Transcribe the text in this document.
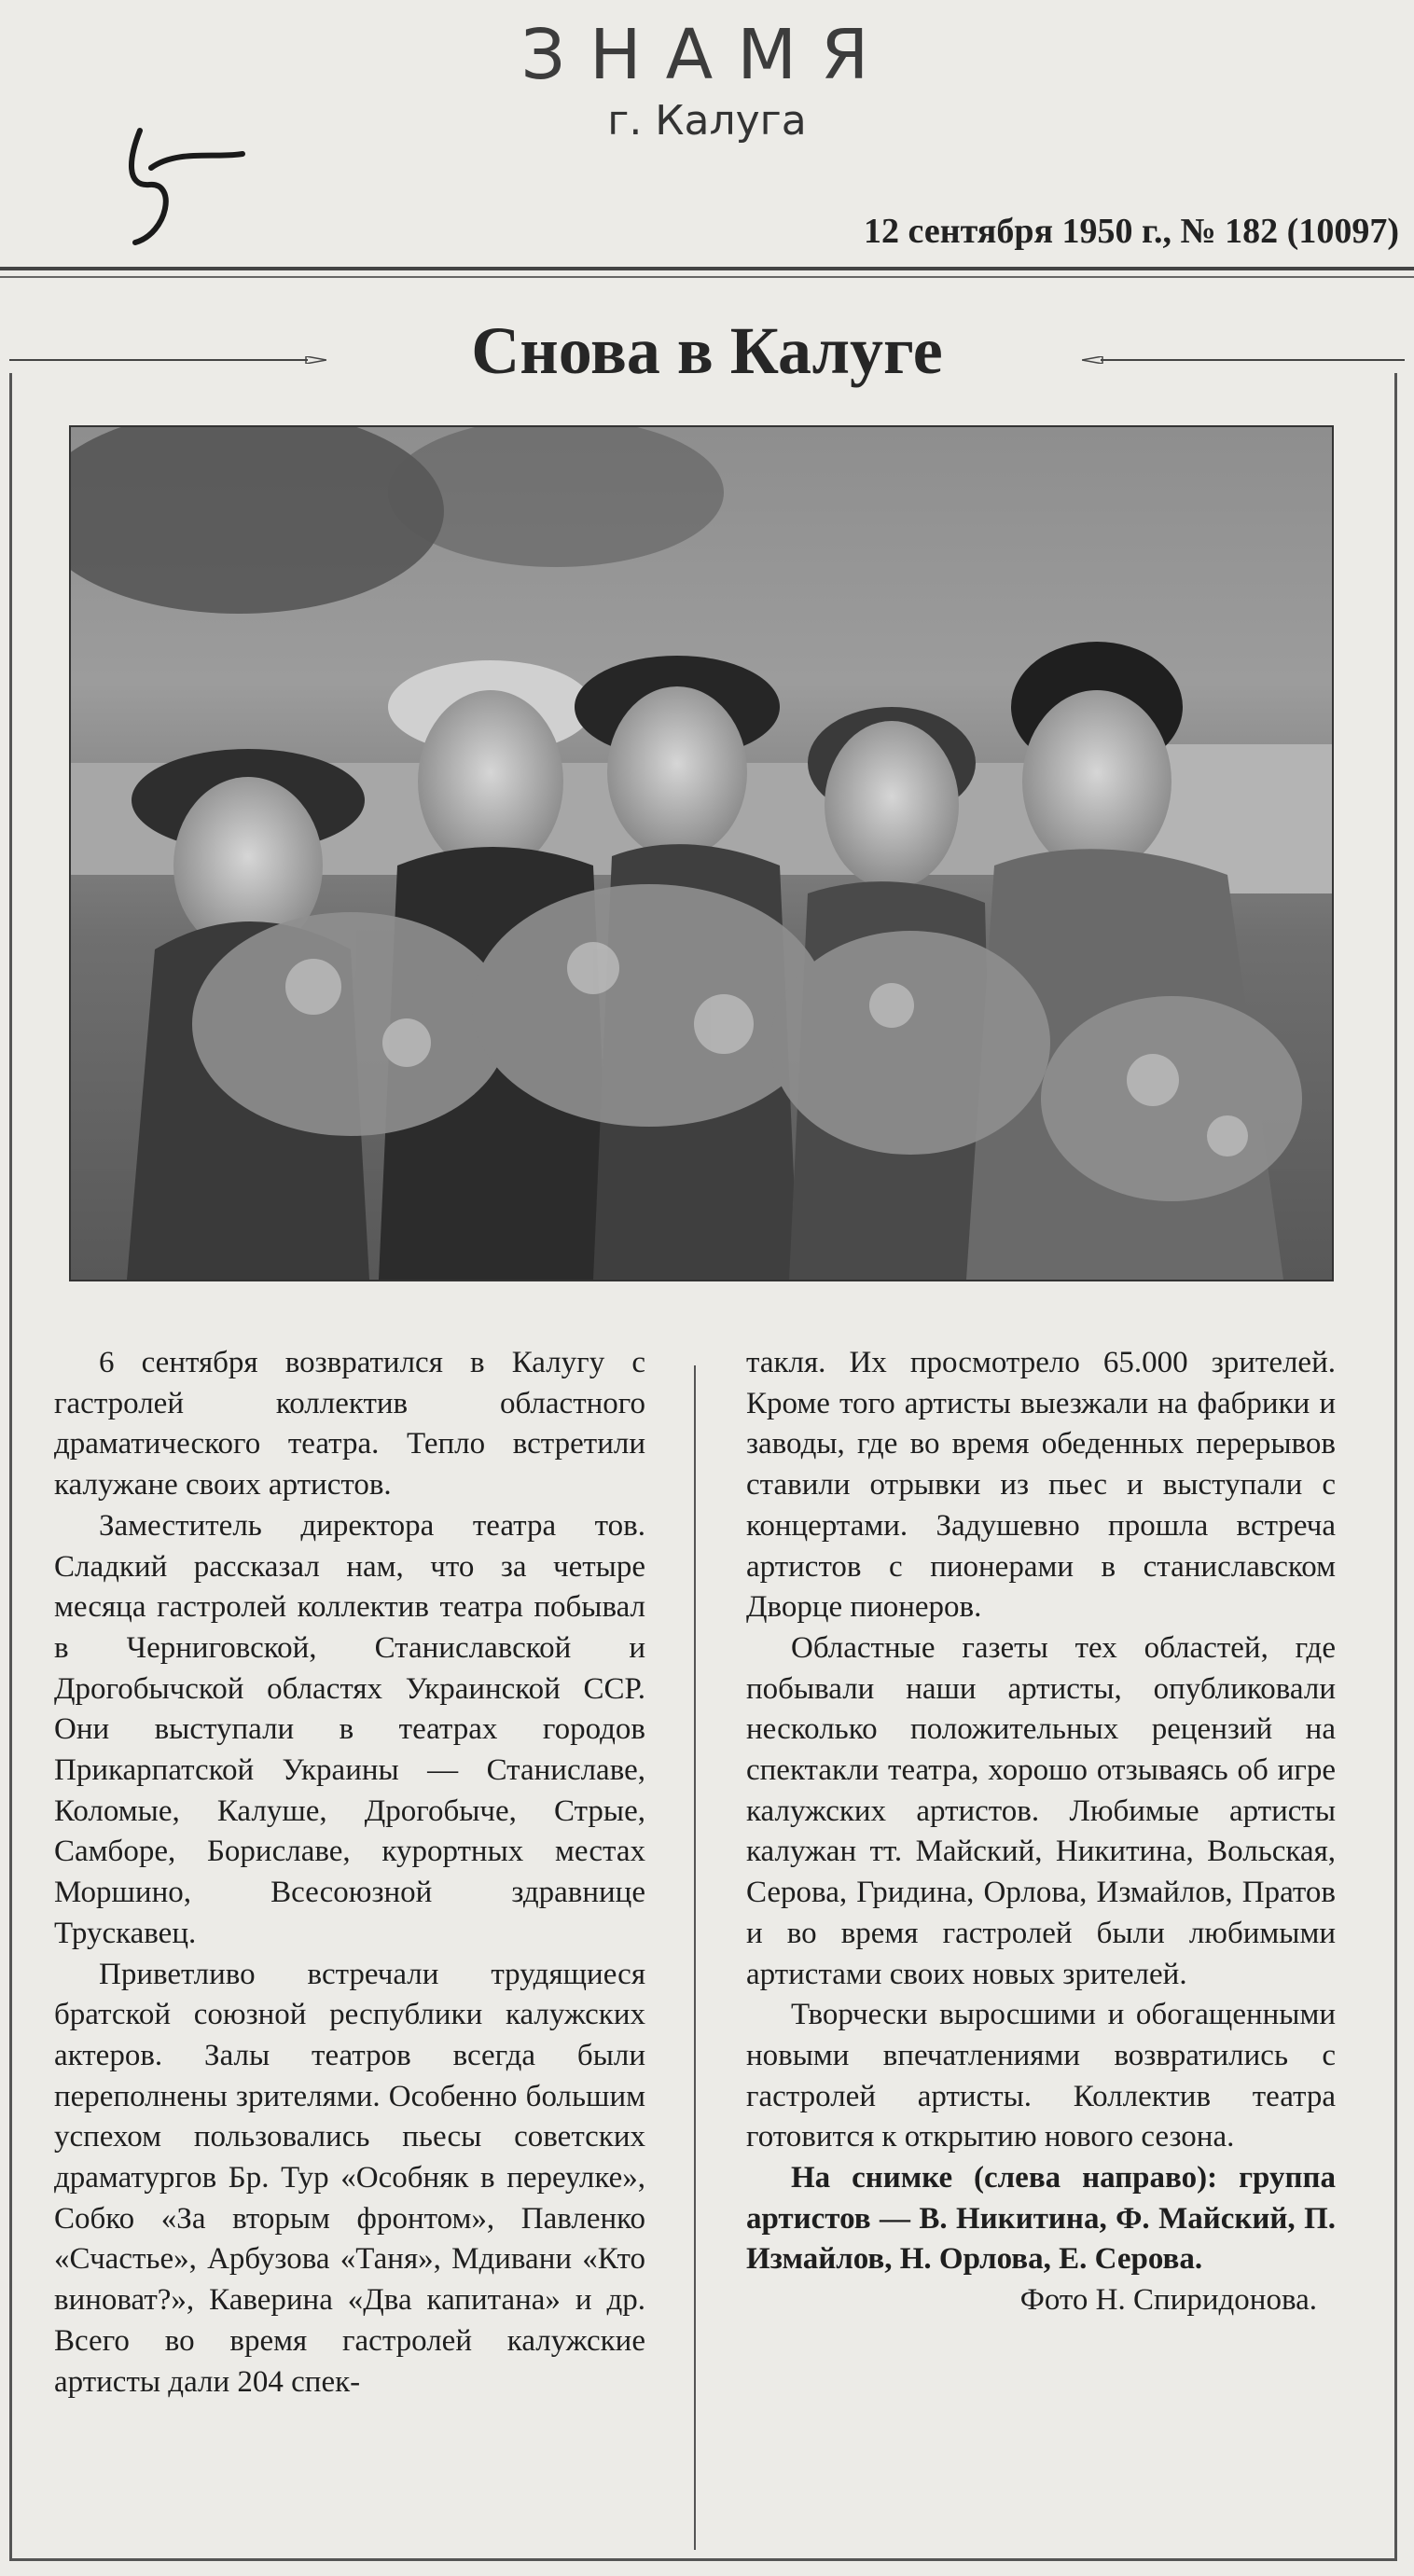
ЗНАМЯ
г. Калуга
12 сентября 1950 г., № 182 (10097)
Снова в Калуге

6 сентября возвратился в Калугу с гастролей коллектив областного драматического театра. Тепло встретили калужане своих артистов.

Заместитель директора театра тов. Сладкий рассказал нам, что за четыре месяца гастролей коллектив театра побывал в Черниговской, Станиславской и Дрогобычской областях Украинской ССР. Они выступали в театрах городов Прикарпатской Украины — Станиславе, Коломые, Калуше, Дрогобыче, Стрые, Самборе, Бориславе, курортных местах Моршино, Всесоюзной здравнице Трускавец.

Приветливо встречали трудящиеся братской союзной республики калужских актеров. Залы театров всегда были переполнены зрителями. Особенно большим успехом пользовались пьесы советских драматургов Бр. Тур «Особняк в переулке», Собко «За вторым фронтом», Павленко «Счастье», Арбузова «Таня», Мдивани «Кто виноват?», Каверина «Два капитана» и др. Всего во время гастролей калужские артисты дали 204 спек-

такля. Их просмотрело 65.000 зрителей. Кроме того артисты выезжали на фабрики и заводы, где во время обеденных перерывов ставили отрывки из пьес и выступали с концертами. Задушевно прошла встреча артистов с пионерами в станиславском Дворце пионеров.

Областные газеты тех областей, где побывали наши артисты, опубликовали несколько положительных рецензий на спектакли театра, хорошо отзываясь об игре калужских артистов. Любимые артисты калужан тт. Майский, Никитина, Вольская, Серова, Гридина, Орлова, Измайлов, Пратов и во время гастролей были любимыми артистами своих новых зрителей.

Творчески выросшими и обогащенными новыми впечатлениями возвратились с гастролей артисты. Коллектив театра готовится к открытию нового сезона.

На снимке (слева направо): группа артистов — В. Никитина, Ф. Майский, П. Измайлов, Н. Орлова, Е. Серова.

Фото Н. Спиридонова.
